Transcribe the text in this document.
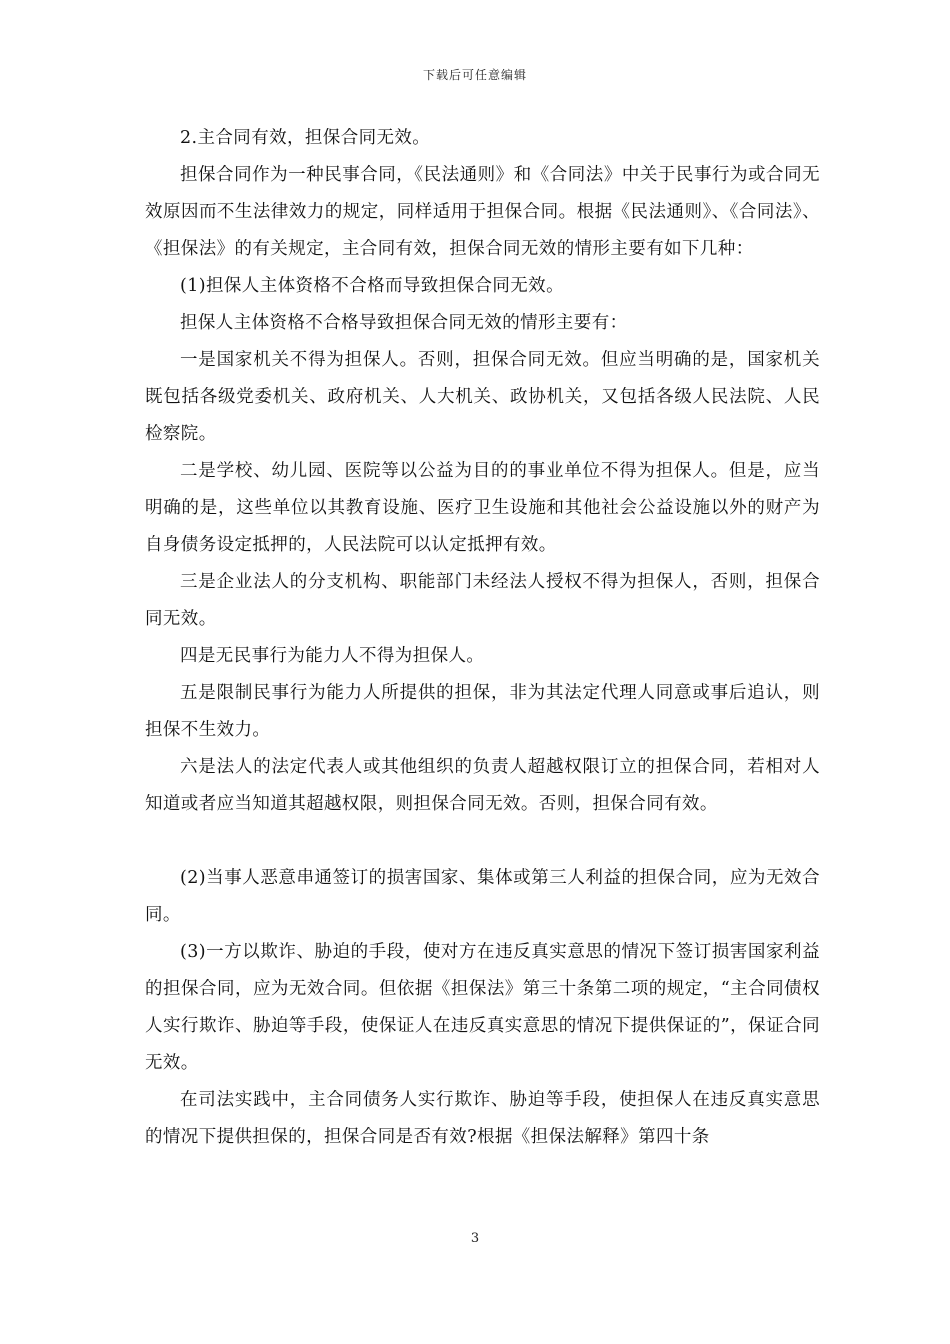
下载后可任意编辑

2.主合同有效，担保合同无效。

担保合同作为一种民事合同，《民法通则》和《合同法》中关于民事行为或合同无效原因而不生法律效力的规定，同样适用于担保合同。根据《民法通则》、《合同法》、《担保法》的有关规定，主合同有效，担保合同无效的情形主要有如下几种：

(1)担保人主体资格不合格而导致担保合同无效。

担保人主体资格不合格导致担保合同无效的情形主要有：

一是国家机关不得为担保人。否则，担保合同无效。但应当明确的是，国家机关既包括各级党委机关、政府机关、人大机关、政协机关，又包括各级人民法院、人民检察院。

二是学校、幼儿园、医院等以公益为目的的事业单位不得为担保人。但是，应当明确的是，这些单位以其教育设施、医疗卫生设施和其他社会公益设施以外的财产为自身债务设定抵押的，人民法院可以认定抵押有效。

三是企业法人的分支机构、职能部门未经法人授权不得为担保人，否则，担保合同无效。

四是无民事行为能力人不得为担保人。

五是限制民事行为能力人所提供的担保，非为其法定代理人同意或事后追认，则担保不生效力。

六是法人的法定代表人或其他组织的负责人超越权限订立的担保合同，若相对人知道或者应当知道其超越权限，则担保合同无效。否则，担保合同有效。

(2)当事人恶意串通签订的损害国家、集体或第三人利益的担保合同，应为无效合同。

(3)一方以欺诈、胁迫的手段，使对方在违反真实意思的情况下签订损害国家利益的担保合同，应为无效合同。但依据《担保法》第三十条第二项的规定，“主合同债权人实行欺诈、胁迫等手段，使保证人在违反真实意思的情况下提供保证的”，保证合同无效。

在司法实践中，主合同债务人实行欺诈、胁迫等手段，使担保人在违反真实意思的情况下提供担保的，担保合同是否有效?根据《担保法解释》第四十条

3
